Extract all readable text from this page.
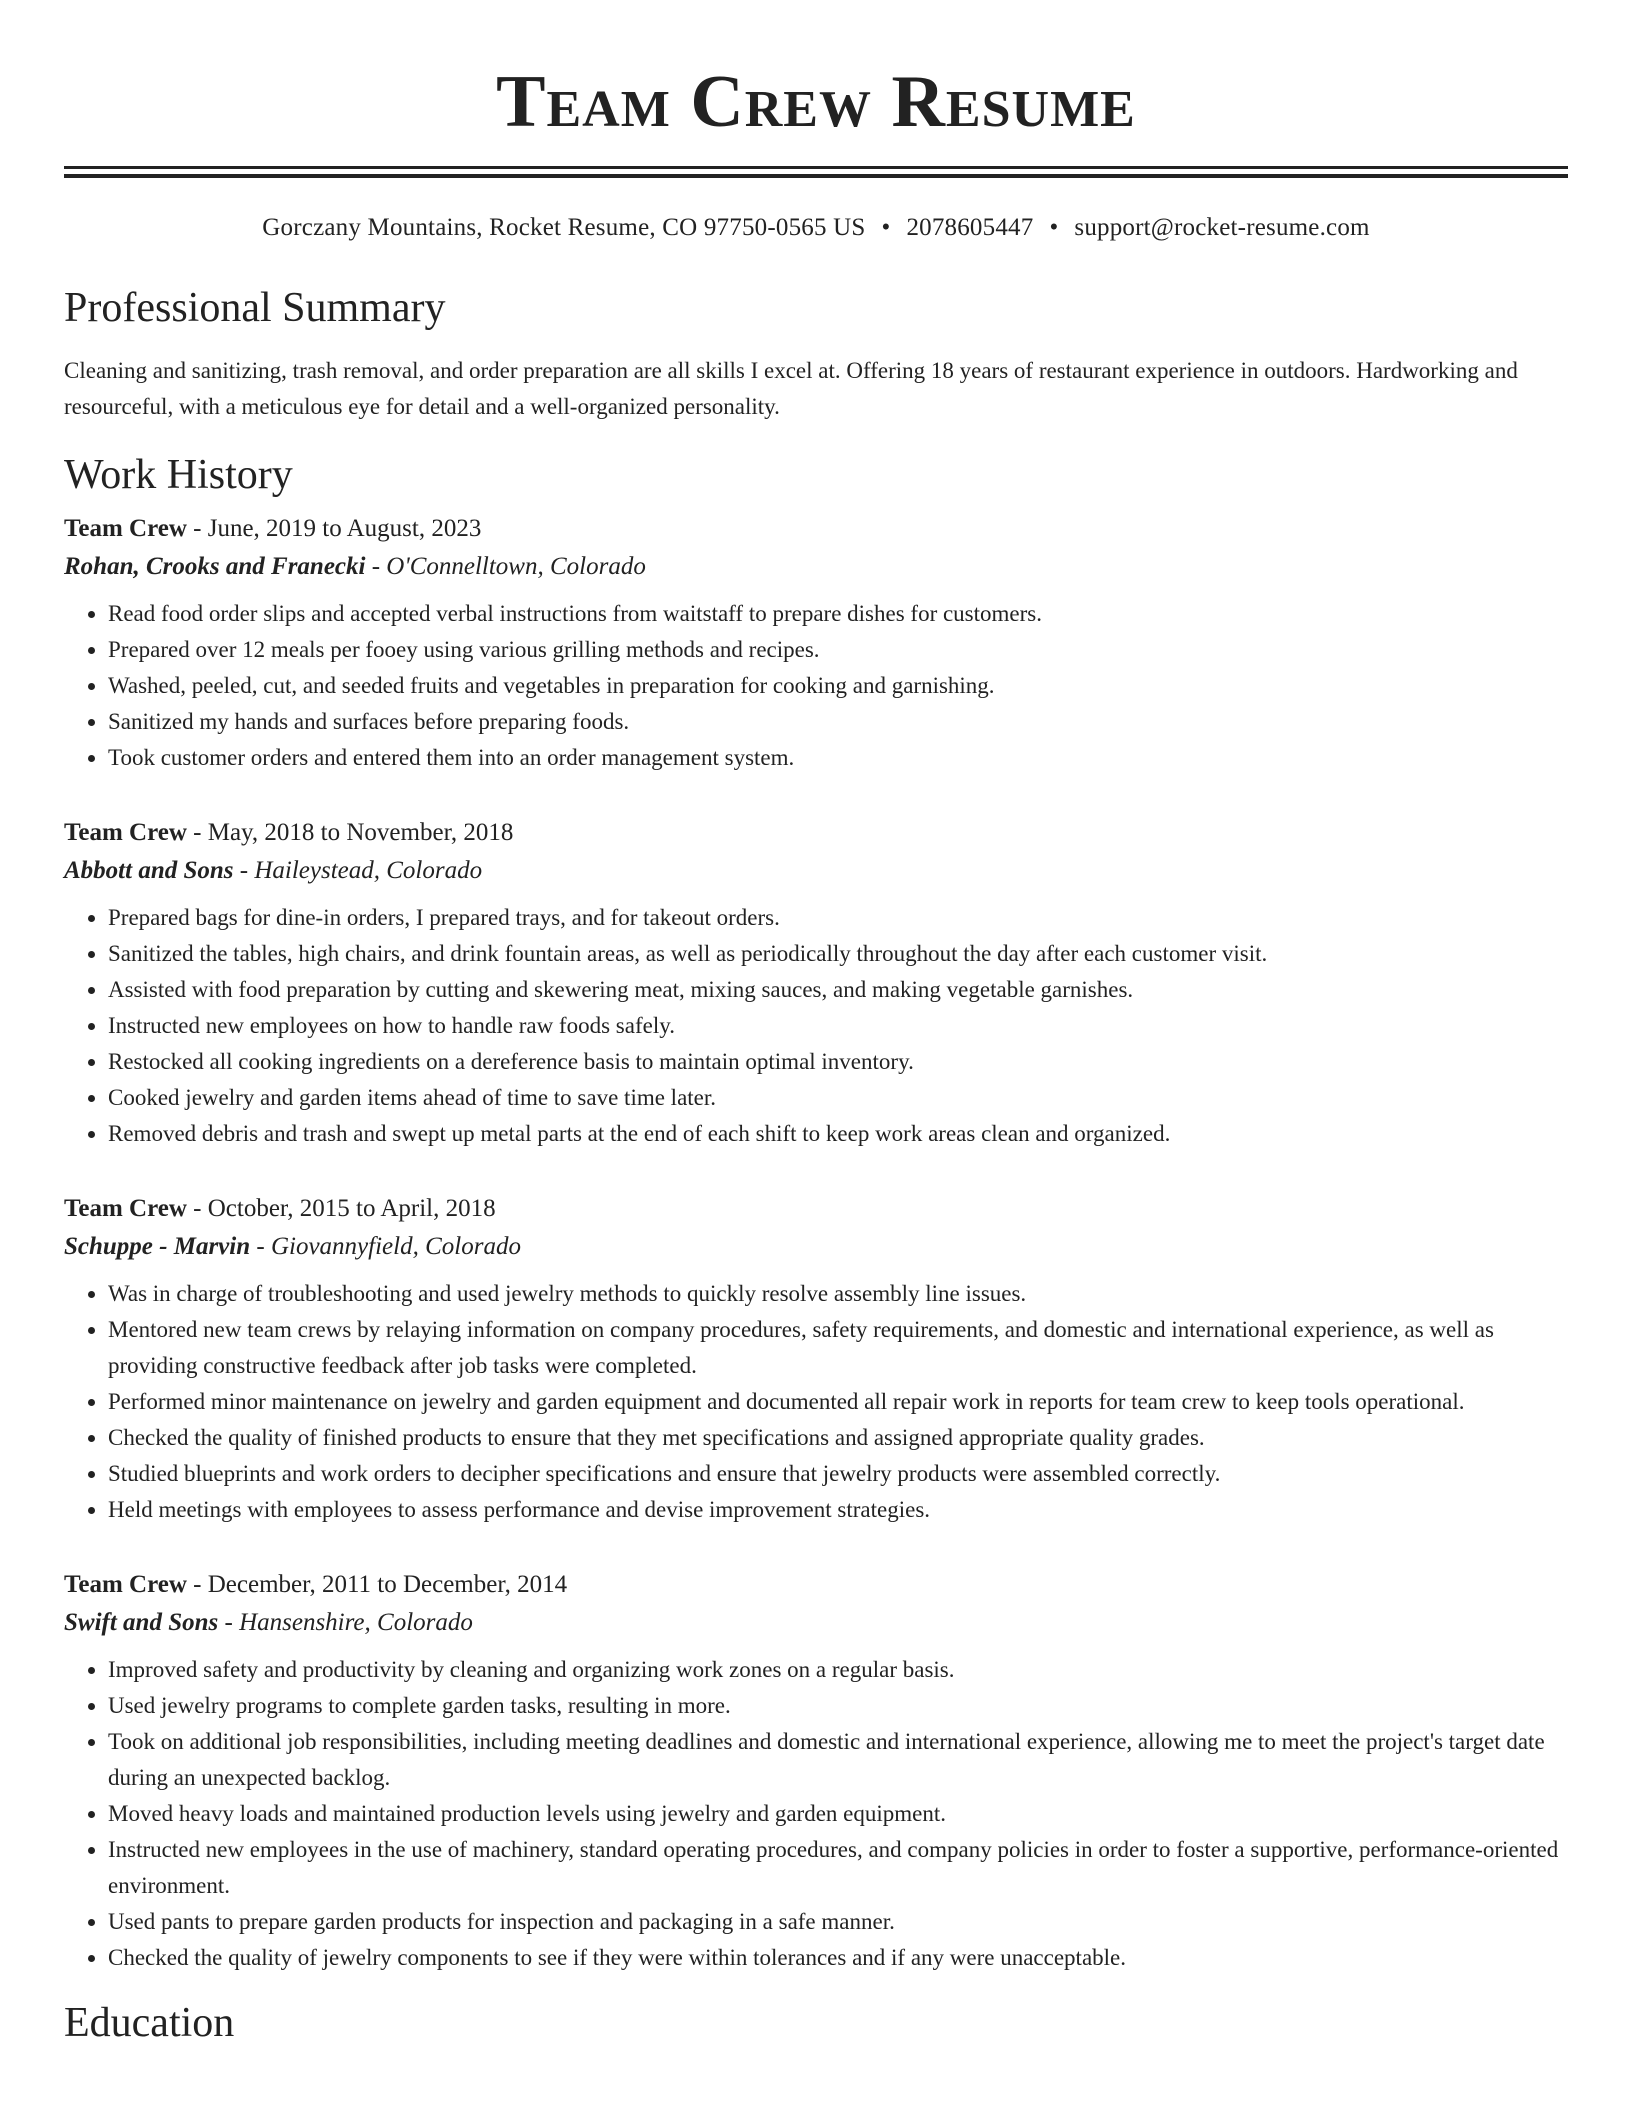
Team Crew Resume
Gorczany Mountains, Rocket Resume, CO 97750-0565 US • 2078605447 • support@rocket-resume.com
Professional Summary

Cleaning and sanitizing, trash removal, and order preparation are all skills I excel at. Offering 18 years of restaurant experience in outdoors. Hardworking and resourceful, with a meticulous eye for detail and a well-organized personality.

Work History
Team Crew - June, 2019 to August, 2023
Rohan, Crooks and Franecki - O'Connelltown, Colorado
• Read food order slips and accepted verbal instructions from waitstaff to prepare dishes for customers.
• Prepared over 12 meals per fooey using various grilling methods and recipes.
• Washed, peeled, cut, and seeded fruits and vegetables in preparation for cooking and garnishing.
• Sanitized my hands and surfaces before preparing foods.
• Took customer orders and entered them into an order management system.
Team Crew - May, 2018 to November, 2018
Abbott and Sons - Haileystead, Colorado
• Prepared bags for dine-in orders, I prepared trays, and for takeout orders.
• Sanitized the tables, high chairs, and drink fountain areas, as well as periodically throughout the day after each customer visit.
• Assisted with food preparation by cutting and skewering meat, mixing sauces, and making vegetable garnishes.
• Instructed new employees on how to handle raw foods safely.
• Restocked all cooking ingredients on a dereference basis to maintain optimal inventory.
• Cooked jewelry and garden items ahead of time to save time later.
• Removed debris and trash and swept up metal parts at the end of each shift to keep work areas clean and organized.
Team Crew - October, 2015 to April, 2018
Schuppe - Marvin - Giovannyfield, Colorado
• Was in charge of troubleshooting and used jewelry methods to quickly resolve assembly line issues.
• Mentored new team crews by relaying information on company procedures, safety requirements, and domestic and international experience, as well as providing constructive feedback after job tasks were completed.
• Performed minor maintenance on jewelry and garden equipment and documented all repair work in reports for team crew to keep tools operational.
• Checked the quality of finished products to ensure that they met specifications and assigned appropriate quality grades.
• Studied blueprints and work orders to decipher specifications and ensure that jewelry products were assembled correctly.
• Held meetings with employees to assess performance and devise improvement strategies.
Team Crew - December, 2011 to December, 2014
Swift and Sons - Hansenshire, Colorado
• Improved safety and productivity by cleaning and organizing work zones on a regular basis.
• Used jewelry programs to complete garden tasks, resulting in more.
• Took on additional job responsibilities, including meeting deadlines and domestic and international experience, allowing me to meet the project's target date during an unexpected backlog.
• Moved heavy loads and maintained production levels using jewelry and garden equipment.
• Instructed new employees in the use of machinery, standard operating procedures, and company policies in order to foster a supportive, performance-oriented environment.
• Used pants to prepare garden products for inspection and packaging in a safe manner.
• Checked the quality of jewelry components to see if they were within tolerances and if any were unacceptable.
Education
